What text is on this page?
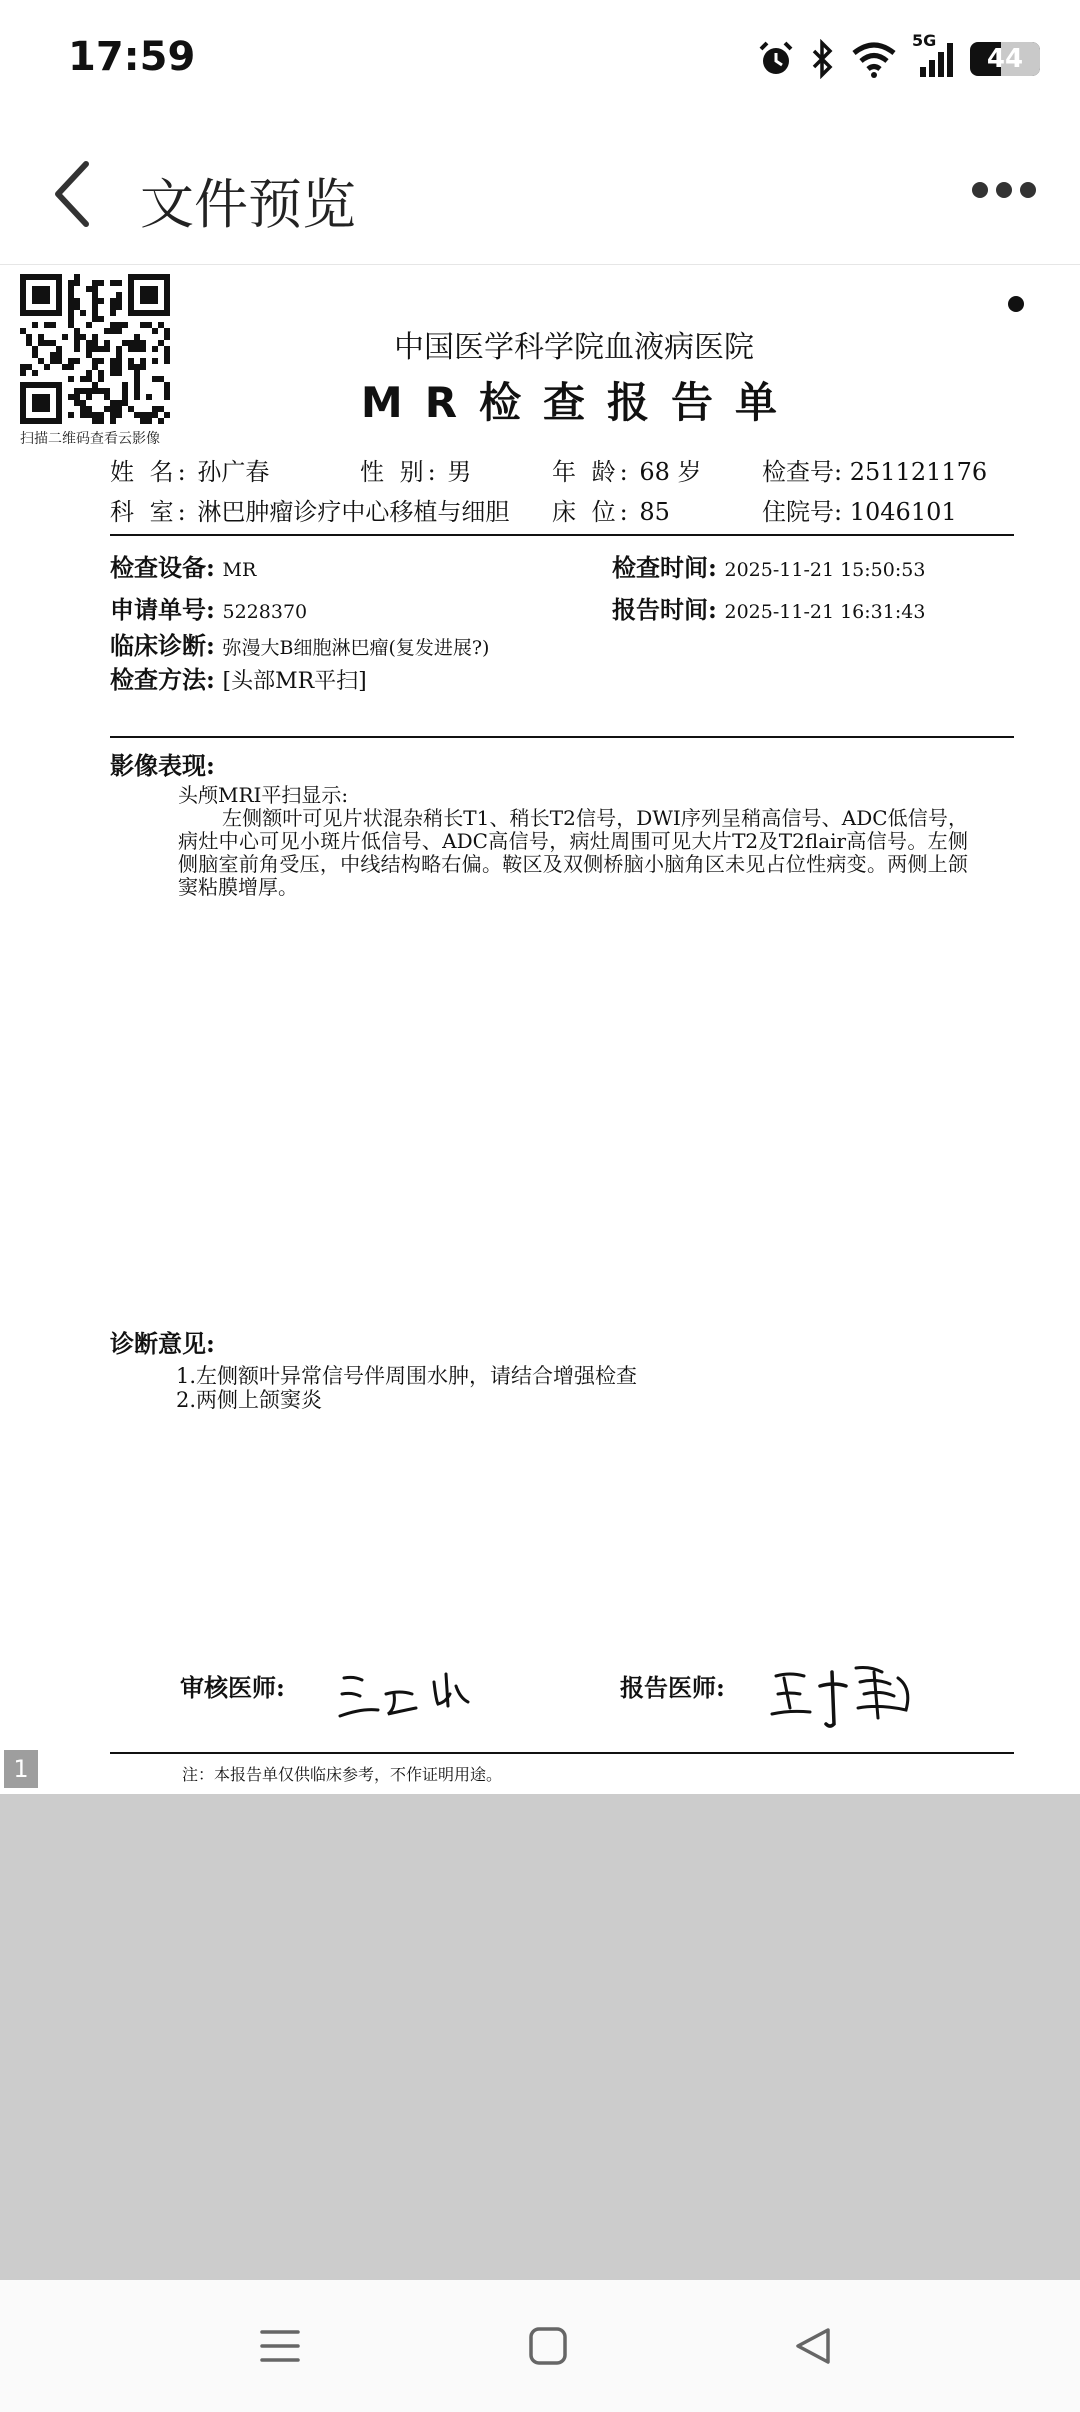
17:59	5G
44
文件预览
扫描二维码查看云影像
中国医学科学院血液病医院
MR检查报告单
姓 名: 孙广春	性 别: 男	年 龄: 68 岁	检查号: 251121176
科 室: 淋巴肿瘤诊疗中心移植与细胆 床 位: 85	住院号: 1046101
检查设备: MR	检查时间: 2025-11-21 15:50:53
申请单号: 5228370	报告时间: 2025-11-21 16:31:43
临床诊断: 弥漫大B细胞淋巴瘤(复发进展?)
检查方法: [头部MR平扫]
影像表现:
头颅MRI平扫显示:

左侧额叶可见片状混杂稍长T1、稍长T2信号，DWI序列呈稍高信号、ADC低信号，病灶中心可见小斑片低信号、ADC高信号，病灶周围可见大片T2及T2flair高信号。左侧侧脑室前角受压，中线结构略右偏。鞍区及双侧桥脑小脑角区未见占位性病变。两侧上颌窦粘膜增厚。

诊断意见:
1.左侧额叶异常信号伴周围水肿，请结合增强检查
2.两侧上颌窦炎
审核医师:	报告医师:
注：本报告单仅供临床参考，不作证明用途。
1
